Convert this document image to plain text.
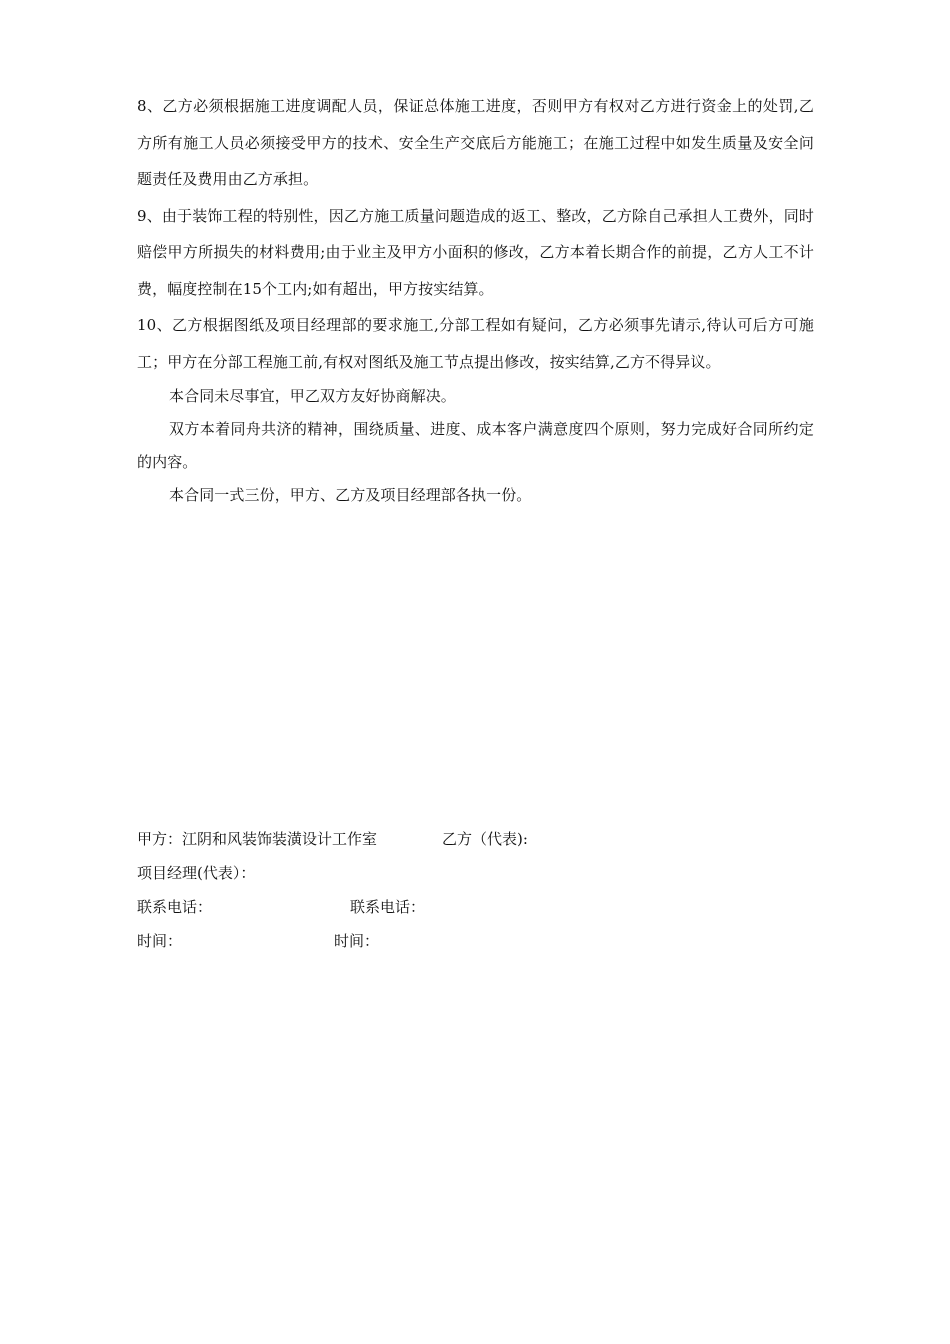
8、乙方必须根据施工进度调配人员，保证总体施工进度，否则甲方有权对乙方进行资金上的处罚,乙方所有施工人员必须接受甲方的技术、安全生产交底后方能施工；在施工过程中如发生质量及安全问题责任及费用由乙方承担。

9、由于装饰工程的特别性，因乙方施工质量问题造成的返工、整改，乙方除自己承担人工费外，同时赔偿甲方所损失的材料费用;由于业主及甲方小面积的修改，乙方本着长期合作的前提，乙方人工不计费，幅度控制在15个工内;如有超出，甲方按实结算。

10、乙方根据图纸及项目经理部的要求施工,分部工程如有疑问，乙方必须事先请示,待认可后方可施工；甲方在分部工程施工前,有权对图纸及施工节点提出修改，按实结算,乙方不得异议。

本合同未尽事宜，甲乙双方友好协商解决。

双方本着同舟共济的精神，围绕质量、进度、成本客户满意度四个原则，努力完成好合同所约定的内容。

本合同一式三份，甲方、乙方及项目经理部各执一份。

甲方：江阴和风装饰装潢设计工作室	乙方（代表):
项目经理(代表）：
联系电话：	联系电话：
时间：	时间：
